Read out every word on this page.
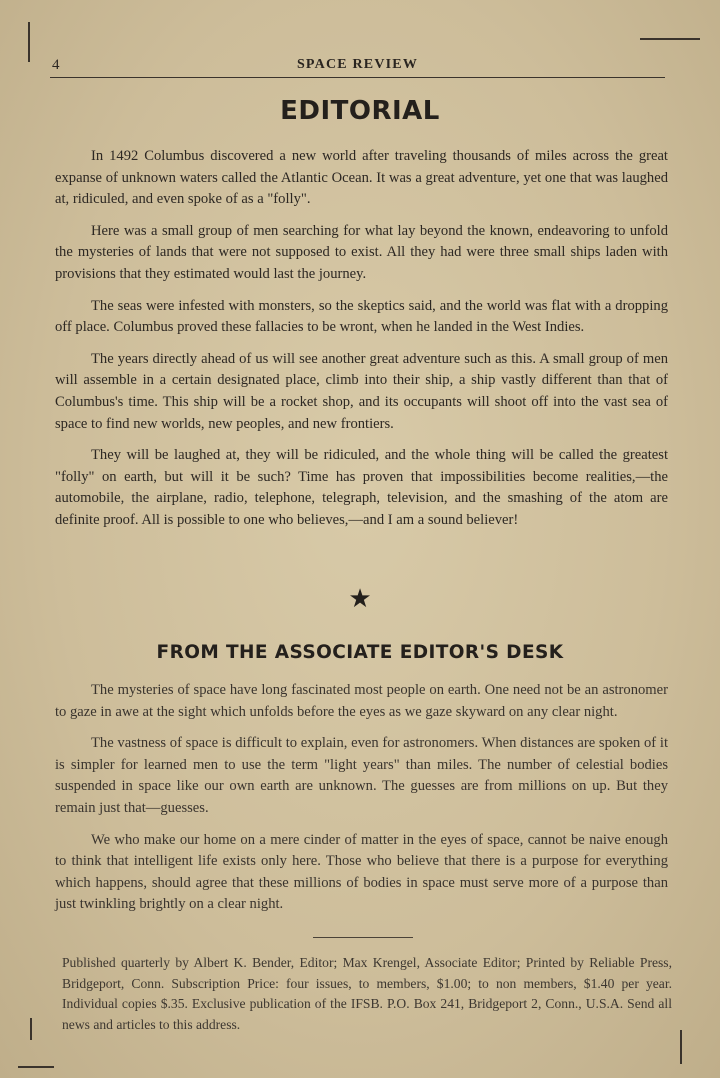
4	SPACE REVIEW
EDITORIAL

In 1492 Columbus discovered a new world after traveling thousands of miles across the great expanse of unknown waters called the Atlantic Ocean. It was a great adventure, yet one that was laughed at, ridiculed, and even spoke of as a "folly".

Here was a small group of men searching for what lay beyond the known, endeavoring to unfold the mysteries of lands that were not supposed to exist. All they had were three small ships laden with provisions that they estimated would last the journey.

The seas were infested with monsters, so the skeptics said, and the world was flat with a dropping off place. Columbus proved these fallacies to be wront, when he landed in the West Indies.

The years directly ahead of us will see another great adventure such as this. A small group of men will assemble in a certain designated place, climb into their ship, a ship vastly different than that of Columbus's time. This ship will be a rocket shop, and its occupants will shoot off into the vast sea of space to find new worlds, new peoples, and new frontiers.

They will be laughed at, they will be ridiculed, and the whole thing will be called the greatest "folly" on earth, but will it be such? Time has proven that impossibilities become realities,—the automobile, the airplane, radio, telephone, telegraph, television, and the smashing of the atom are definite proof. All is possible to one who believes,—and I am a sound believer!

★
FROM THE ASSOCIATE EDITOR'S DESK

The mysteries of space have long fascinated most people on earth. One need not be an astronomer to gaze in awe at the sight which unfolds before the eyes as we gaze skyward on any clear night.

The vastness of space is difficult to explain, even for astronomers. When distances are spoken of it is simpler for learned men to use the term "light years" than miles. The number of celestial bodies suspended in space like our own earth are unknown. The guesses are from millions on up. But they remain just that—guesses.

We who make our home on a mere cinder of matter in the eyes of space, cannot be naive enough to think that intelligent life exists only here. Those who believe that there is a purpose for everything which happens, should agree that these millions of bodies in space must serve more of a purpose than just twinkling brightly on a clear night.

Published quarterly by Albert K. Bender, Editor; Max Krengel, Associate Editor; Printed by Reliable Press, Bridgeport, Conn. Subscription Price: four issues, to members, $1.00; to non members, $1.40 per year. Individual copies $.35. Exclusive publication of the IFSB. P.O. Box 241, Bridgeport 2, Conn., U.S.A. Send all news and articles to this address.
